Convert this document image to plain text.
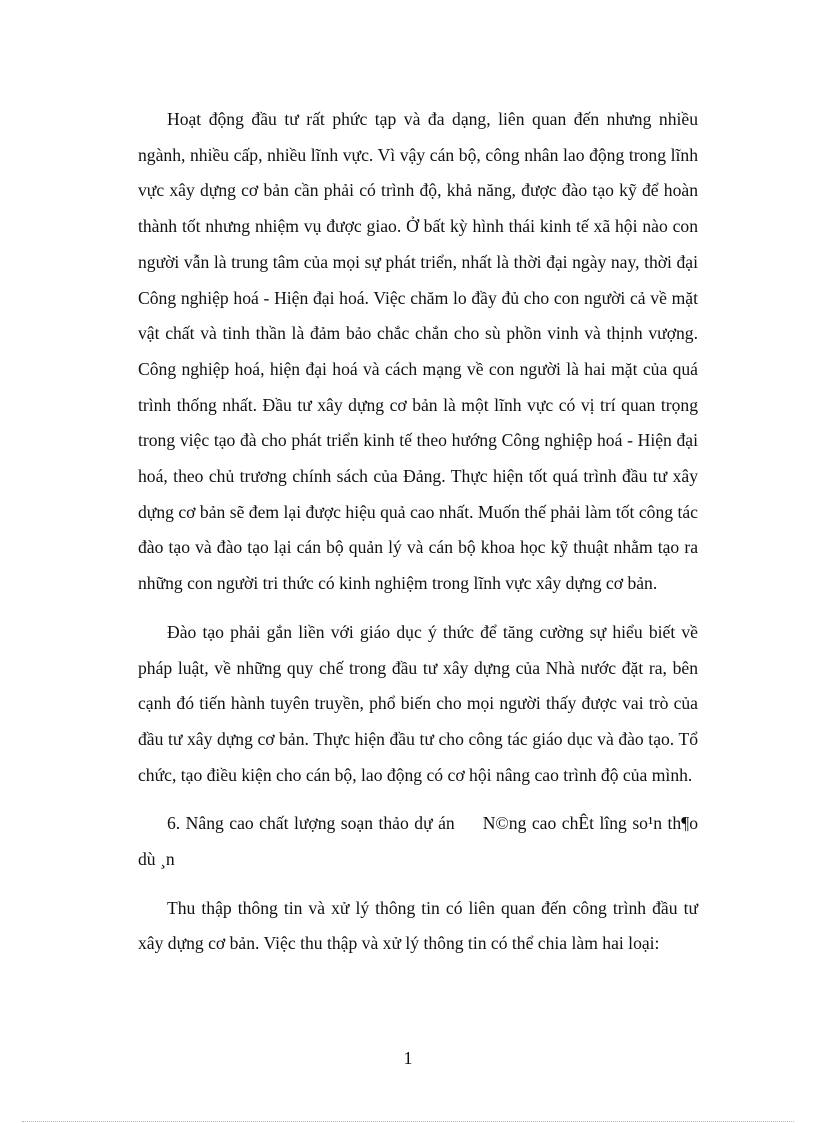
Hoạt động đầu tư rất phức tạp và đa dạng, liên quan đến nhưng nhiều ngành, nhiều cấp, nhiều lĩnh vực. Vì vậy cán bộ, công nhân lao động trong lĩnh vực xây dựng cơ bản cần phải có trình độ, khả năng, được đào tạo kỹ để hoàn thành tốt nhưng nhiệm vụ được giao. Ở bất kỳ hình thái kinh tế xã hội nào con người vẫn là trung tâm của mọi sự phát triển, nhất là thời đại ngày nay, thời đại Công nghiệp hoá - Hiện đại hoá. Việc chăm lo đầy đủ cho con người cả về mặt vật chất và tinh thần là đảm bảo chắc chắn cho sù phồn vinh và thịnh vượng. Công nghiệp hoá, hiện đại hoá và cách mạng về con người là hai mặt của quá trình thống nhất. Đầu tư xây dựng cơ bản là một lĩnh vực có vị trí quan trọng trong việc tạo đà cho phát triển kinh tế theo hướng Công nghiệp hoá - Hiện đại hoá, theo chủ trương chính sách của Đảng. Thực hiện tốt quá trình đầu tư xây dựng cơ bản sẽ đem lại được hiệu quả cao nhất. Muốn thế phải làm tốt công tác đào tạo và đào tạo lại cán bộ quản lý và cán bộ khoa học kỹ thuật nhằm tạo ra những con người tri thức có kinh nghiệm trong lĩnh vực xây dựng cơ bản.

Đào tạo phải gắn liền với giáo dục ý thức để tăng cường sự hiểu biết về pháp luật, về những quy chế trong đầu tư xây dựng của Nhà nước đặt ra, bên cạnh đó tiến hành tuyên truyền, phổ biến cho mọi người thấy được vai trò của đầu tư xây dựng cơ bản. Thực hiện đầu tư cho công tác giáo dục và đào tạo. Tổ chức, tạo điều kiện cho cán bộ, lao động có cơ hội nâng cao trình độ của mình.

6. Nâng cao chất lượng soạn thảo dự án N©ng cao chÊt lîng so¹n th¶o dù ¸n

Thu thập thông tin và xử lý thông tin có liên quan đến công trình đầu tư xây dựng cơ bản. Việc thu thập và xử lý thông tin có thể chia làm hai loại:

1
